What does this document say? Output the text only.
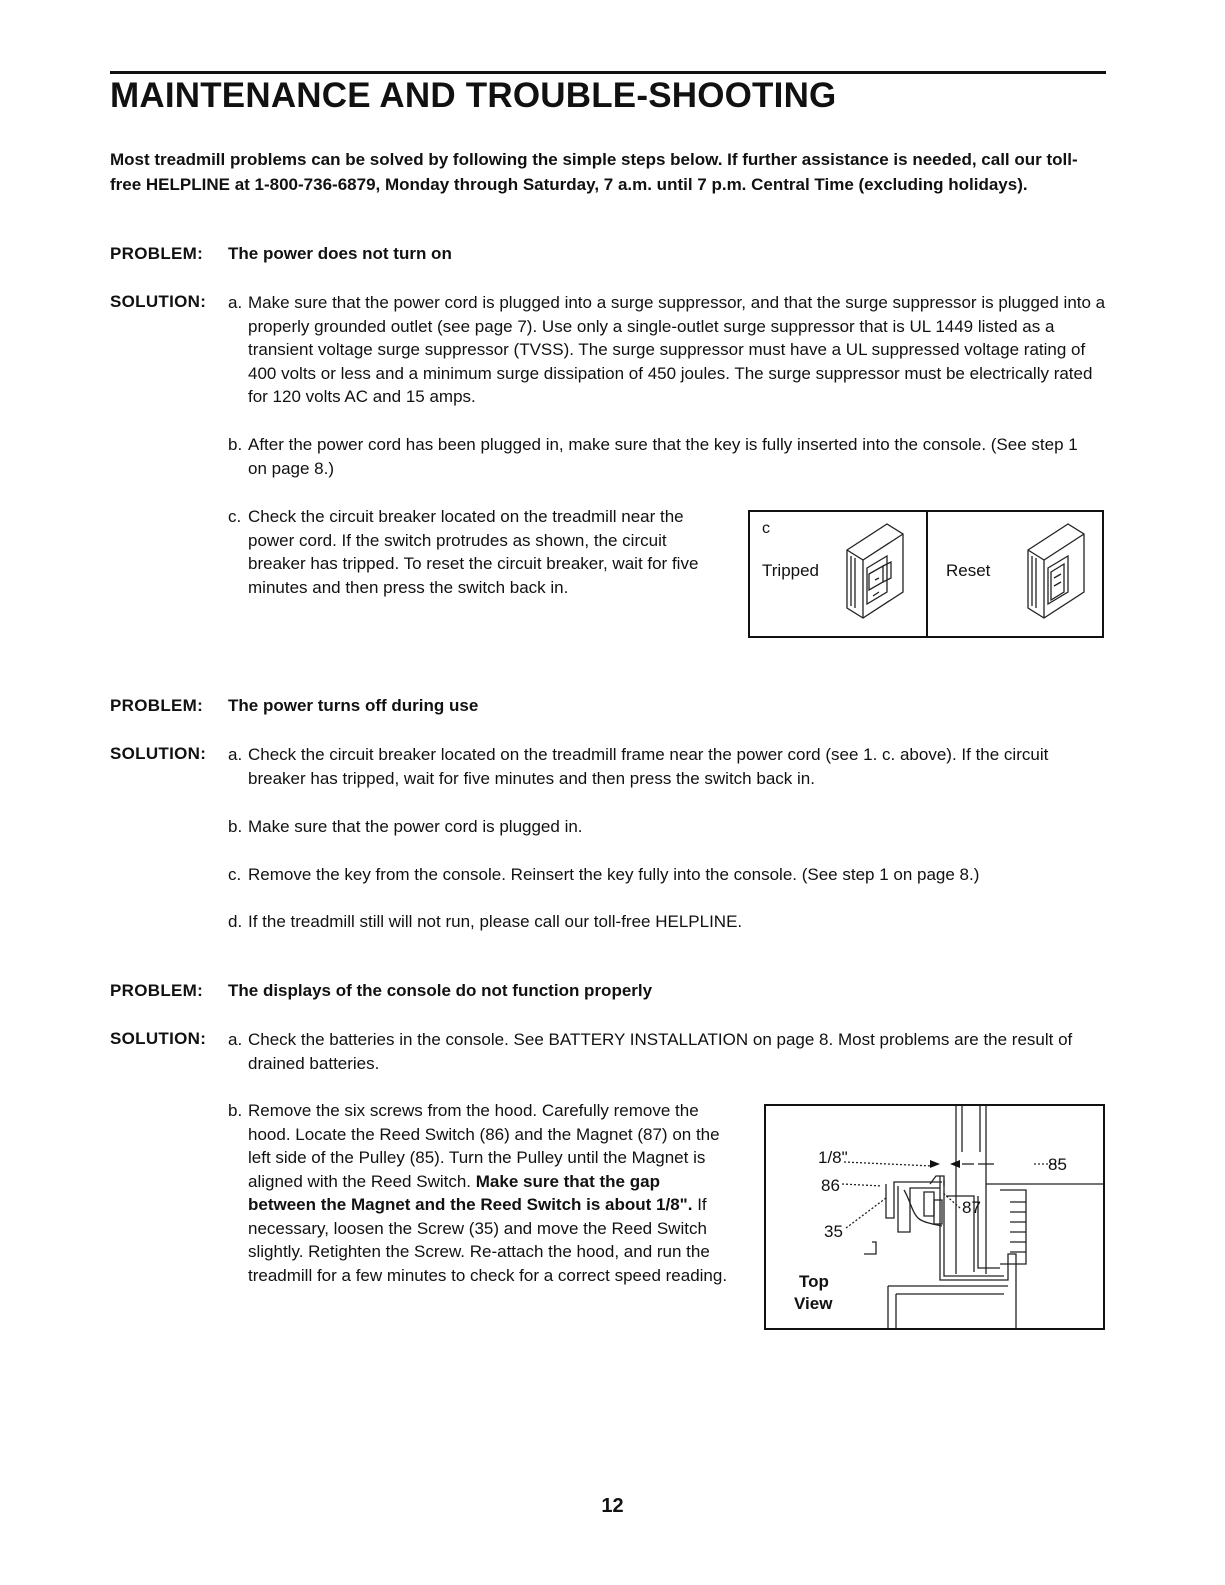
MAINTENANCE AND TROUBLE-SHOOTING

Most treadmill problems can be solved by following the simple steps below. If further assistance is needed, call our toll-free HELPLINE at 1-800-736-6879, Monday through Saturday, 7 a.m. until 7 p.m. Central Time (excluding holidays).

PROBLEM: The power does not turn on
SOLUTION: a. Make sure that the power cord is plugged into a surge suppressor, and that the surge suppressor is plugged into a properly grounded outlet (see page 7). Use only a single-outlet surge suppressor that is UL 1449 listed as a transient voltage surge suppressor (TVSS). The surge suppressor must have a UL suppressed voltage rating of 400 volts or less and a minimum surge dissipation of 450 joules. The surge suppressor must be electrically rated for 120 volts AC and 15 amps.

b. After the power cord has been plugged in, make sure that the key is fully inserted into the console. (See step 1 on page 8.)

c. Check the circuit breaker located on the treadmill near the power cord. If the switch protrudes as shown, the circuit breaker has tripped. To reset the circuit breaker, wait for five minutes and then press the switch back in.

c
Tripped	Reset
PROBLEM: The power turns off during use
SOLUTION: a. Check the circuit breaker located on the treadmill frame near the power cord (see 1. c. above). If the circuit breaker has tripped, wait for five minutes and then press the switch back in.

b. Make sure that the power cord is plugged in.

c. Remove the key from the console. Reinsert the key fully into the console. (See step 1 on page 8.)

d. If the treadmill still will not run, please call our toll-free HELPLINE.

PROBLEM: The displays of the console do not function properly
SOLUTION: a. Check the batteries in the console. See BATTERY INSTALLATION on page 8. Most problems are the result of drained batteries.

b. Remove the six screws from the hood. Carefully remove the hood. Locate the Reed Switch (86) and the Magnet (87) on the left side of the Pulley (85). Turn the Pulley until the Magnet is aligned with the Reed Switch. Make sure that the gap between the Magnet and the Reed Switch is about 1/8". If necessary, loosen the Screw (35) and move the Reed Switch slightly. Retighten the Screw. Re-attach the hood, and run the treadmill for a few minutes to check for a correct speed reading.

1/8"	85
86
87
35
Top
View
12
